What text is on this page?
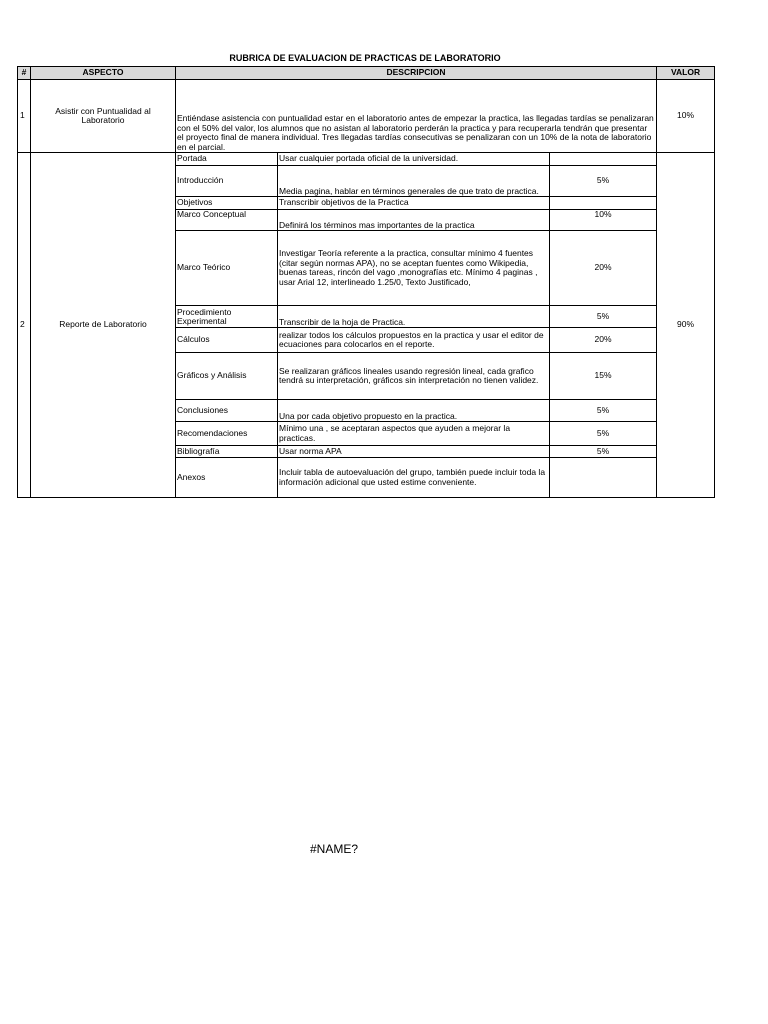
RUBRICA DE EVALUACION DE PRACTICAS DE LABORATORIO
#	ASPECTO	DESCRIPCION			VALOR
1	Asistir con Puntualidad al Laboratorio	Entiéndase asistencia con puntualidad estar en el laboratorio antes de empezar la practica, las llegadas tardías se penalizaran con el 50% del valor, los alumnos que no asistan al laboratorio perderán la practica y para recuperarla tendrán que presentar el proyecto final de manera individual. Tres llegadas tardías consecutivas se penalizaran con un 10% de la nota de laboratorio en el parcial.			10%
2	Reporte de Laboratorio	Portada	Usar cualquier portada oficial de la universidad.		90%
		Introducción	Media pagina, hablar en términos generales de que trato de practica.	5%	
		Objetivos	Transcribir objetivos de la Practica		
		Marco Conceptual	Definirá los términos mas importantes de la practica	10%	
		Marco Teórico	Investigar Teoría referente a la practica, consultar mínimo 4 fuentes (citar según normas APA), no se aceptan fuentes como Wikipedia, buenas tareas, rincón del vago ,monografías etc. Mínimo 4 paginas , usar Arial 12, interlineado 1.25/0, Texto Justificado,	20%	
		Procedimiento Experimental	Transcribir de la hoja de Practica.	5%	
		Cálculos	realizar todos los cálculos propuestos en la practica y usar el editor de ecuaciones para colocarlos en el reporte.	20%	
		Gráficos y Análisis	Se realizaran gráficos lineales usando regresión lineal, cada grafico tendrá su interpretación, gráficos sin interpretación no tienen validez.	15%	
		Conclusiones	Una por cada objetivo propuesto en la practica.	5%	
		Recomendaciones	Mínimo una , se aceptaran aspectos que ayuden a mejorar la practicas.	5%	
		Bibliografía	Usar norma APA	5%	
		Anexos	Incluir tabla de autoevaluación del grupo, también puede incluir toda la información adicional que usted estime conveniente.		
#NAME?
